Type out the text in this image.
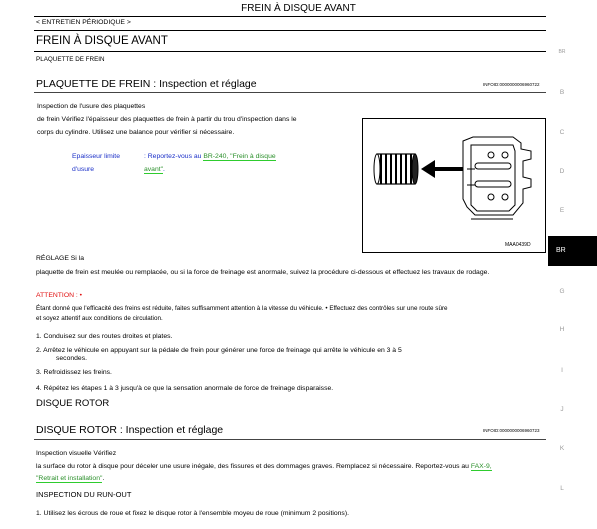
FREIN À DISQUE AVANT
< ENTRETIEN PÉRIODIQUE >
FREIN À DISQUE AVANT
PLAQUETTE DE FREIN
PLAQUETTE DE FREIN : Inspection et réglage	INFOID:0000000006960722
Inspection de l'usure des plaquettes
de frein Vérifiez l'épaisseur des plaquettes de frein à partir du trou d'inspection dans le
corps du cylindre. Utilisez une balance pour vérifier si nécessaire.
Epaisseur limite
d'usure
: Reportez-vous au BR-240, "Frein à disque
avant".
MAA0439D
RÉGLAGE Si la
plaquette de frein est meulée ou remplacée, ou si la force de freinage est anormale, suivez la procédure ci-dessous et effectuez les travaux de rodage.
ATTENTION : •
Étant donné que l'efficacité des freins est réduite, faites suffisamment attention à la vitesse du véhicule. • Effectuez des contrôles sur une route sûre
et soyez attentif aux conditions de circulation.
1. Conduisez sur des routes droites et plates.
2. Arrêtez le véhicule en appuyant sur la pédale de frein pour générer une force de freinage qui arrête le véhicule en 3 à 5
secondes.
3. Refroidissez les freins.
4. Répétez les étapes 1 à 3 jusqu'à ce que la sensation anormale de force de freinage disparaisse.
DISQUE ROTOR
DISQUE ROTOR : Inspection et réglage	INFOID:0000000006960723
Inspection visuelle Vérifiez
la surface du rotor à disque pour déceler une usure inégale, des fissures et des dommages graves. Remplacez si nécessaire. Reportez-vous au FAX-9,
"Retrait et installation".
INSPECTION DU RUN-OUT
1. Utilisez les écrous de roue et fixez le disque rotor à l'ensemble moyeu de roue (minimum 2 positions).
BR
B
C
D
E
BR
G
H
I
J
K
L
